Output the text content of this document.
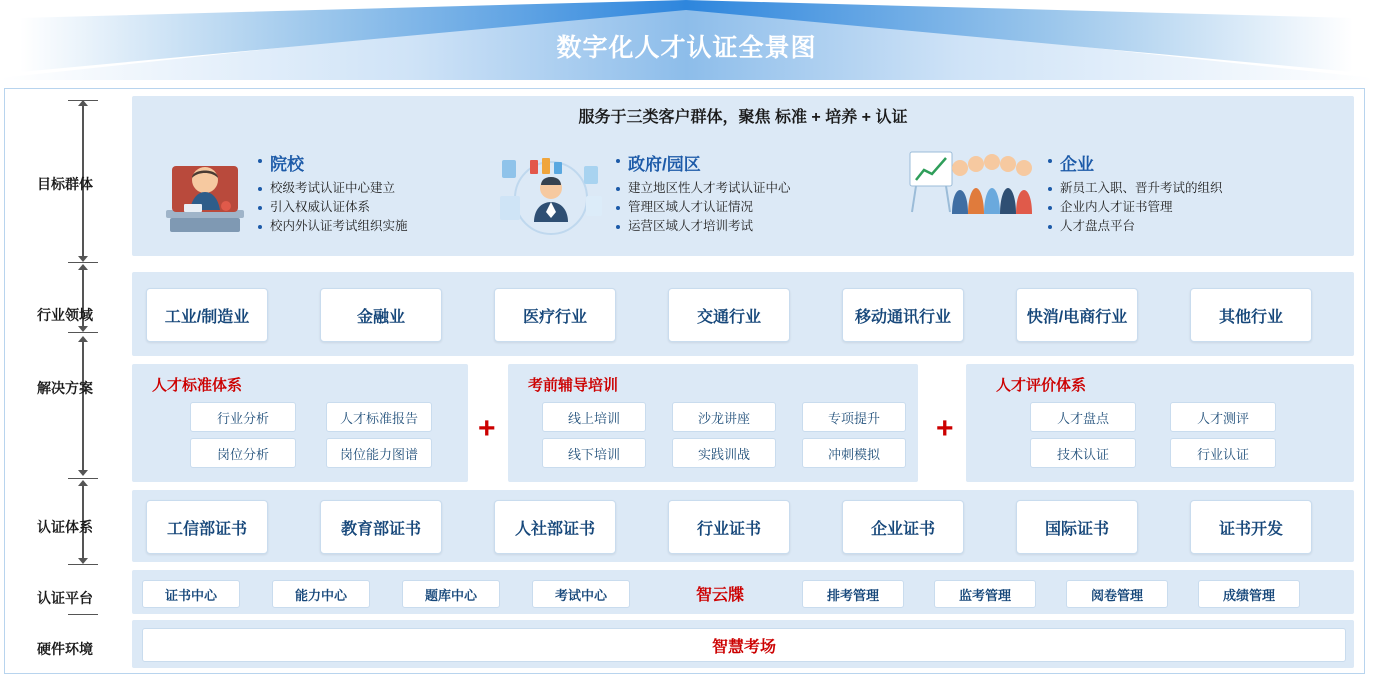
数字化人才认证全景图
目标群体
行业领域
解决方案
认证体系
认证平台
硬件环境
服务于三类客户群体，聚焦 标准 + 培养 + 认证
院校
校级考试认证中心建立
引入权威认证体系
校内外认证考试组织实施
政府/园区
建立地区性人才考试认证中心
管理区域人才认证情况
运营区域人才培训考试
企业
新员工入职、晋升考试的组织
企业内人才证书管理
人才盘点平台
工业/制造业	金融业	医疗行业	交通行业	移动通讯行业	快消/电商行业	其他行业
人才标准体系
行业分析	人才标准报告
岗位分析	岗位能力图谱
+
考前辅导培训
线上培训	沙龙讲座	专项提升
线下培训	实践训战	冲刺模拟
+
人才评价体系
人才盘点	人才测评
技术认证	行业认证
工信部证书	教育部证书	人社部证书	行业证书	企业证书	国际证书	证书开发
证书中心	能力中心	题库中心	考试中心	智云牒	排考管理	监考管理	阅卷管理	成绩管理
智慧考场
